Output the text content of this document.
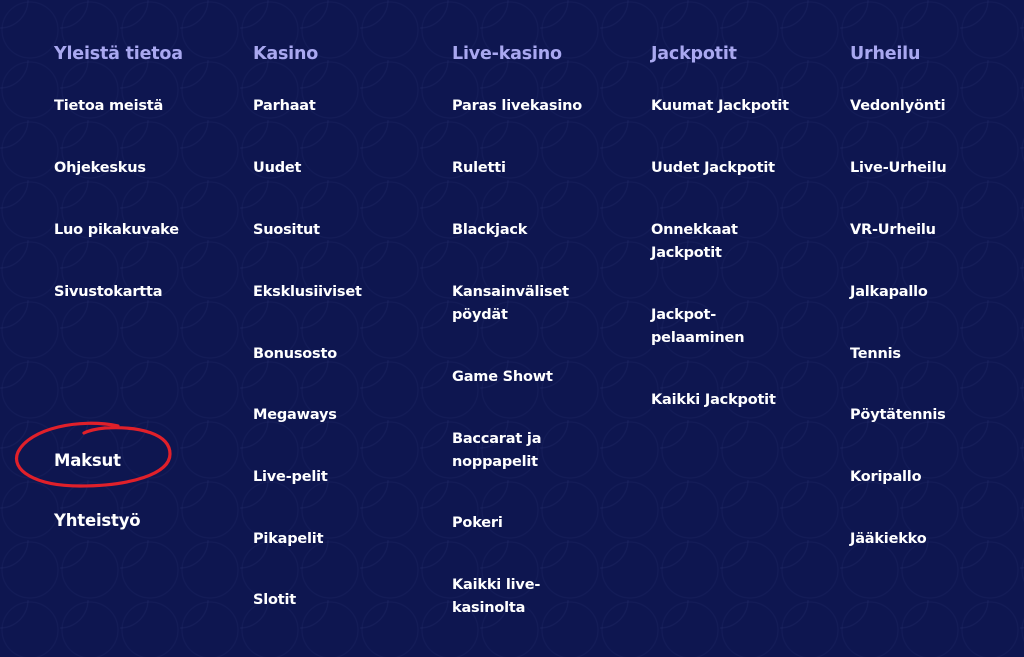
Yleistä tietoa
Tietoa meistä
Ohjekeskus
Luo pikakuvake
Sivustokartta
Maksut
Yhteistyö
Kasino
Parhaat
Uudet
Suositut
Eksklusiiviset
Bonusosto
Megaways
Live-pelit
Pikapelit
Slotit
Live-kasino
Paras livekasino
Ruletti
Blackjack
Kansainväliset
pöydät
Game Showt
Baccarat ja
noppapelit
Pokeri
Kaikki live-
kasinolta
Jackpotit
Kuumat Jackpotit
Uudet Jackpotit
Onnekkaat
Jackpotit
Jackpot-
pelaaminen
Kaikki Jackpotit
Urheilu
Vedonlyönti
Live-Urheilu
VR-Urheilu
Jalkapallo
Tennis
Pöytätennis
Koripallo
Jääkiekko
